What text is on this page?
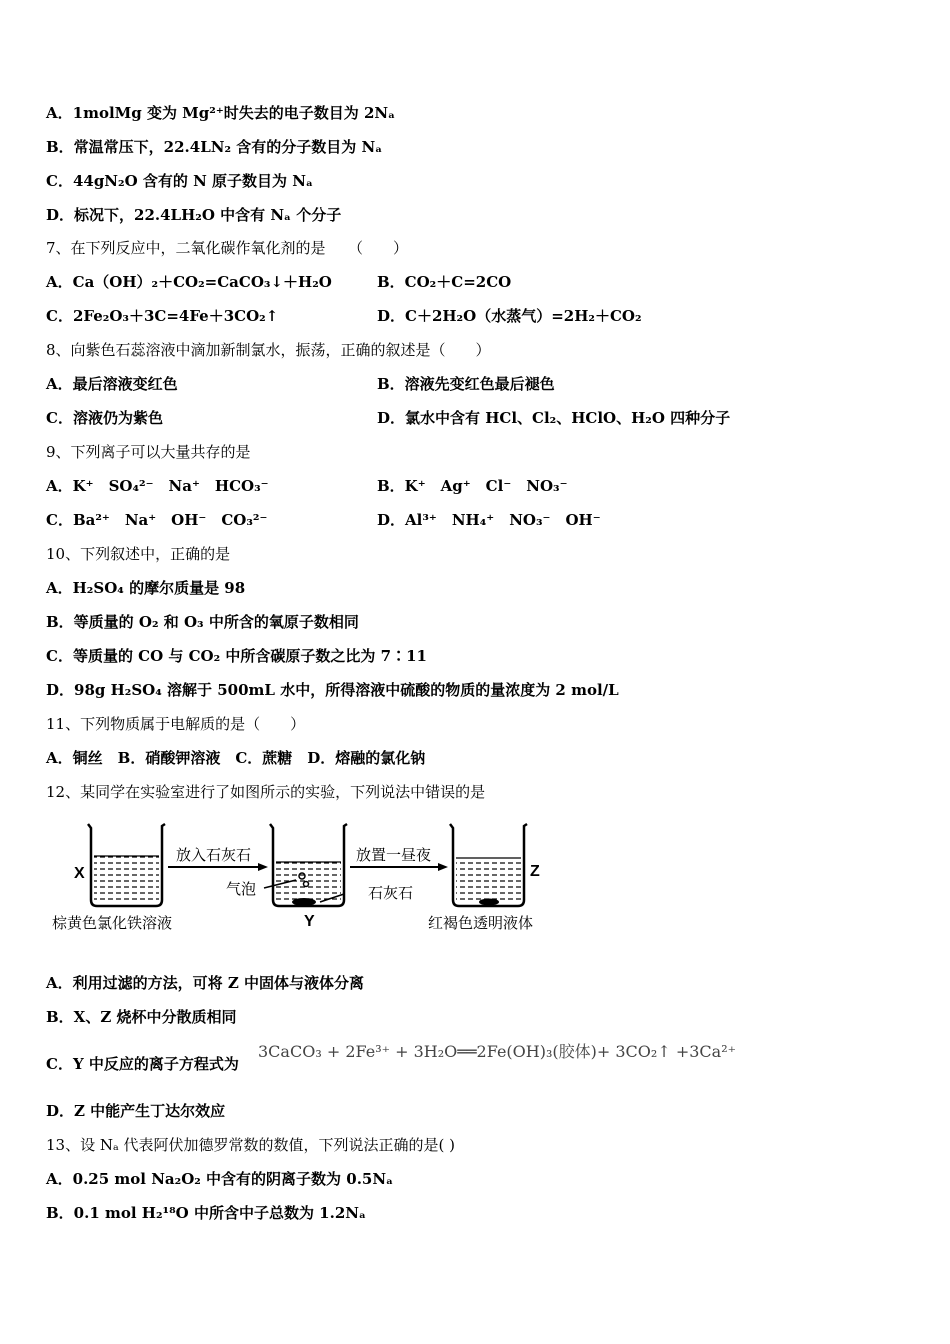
A．1molMg 变为 Mg²⁺时失去的电子数目为 2Nₐ
B．常温常压下，22.4LN₂ 含有的分子数目为 Nₐ
C．44gN₂O 含有的 N 原子数目为 Nₐ
D．标况下，22.4LH₂O 中含有 Nₐ 个分子
7、在下列反应中，二氧化碳作氧化剂的是　　（　　）
A．Ca（OH）₂＋CO₂=CaCO₃↓＋H₂O	B．CO₂＋C=2CO
C．2Fe₂O₃＋3C=4Fe＋3CO₂↑	D．C＋2H₂O（水蒸气）=2H₂＋CO₂
8、向紫色石蕊溶液中滴加新制氯水，振荡，正确的叙述是（　　）
A．最后溶液变红色	B．溶液先变红色最后褪色
C．溶液仍为紫色	D．氯水中含有 HCl、Cl₂、HClO、H₂O 四种分子
9、下列离子可以大量共存的是
A．K⁺　SO₄²⁻　Na⁺　HCO₃⁻	B．K⁺　Ag⁺　Cl⁻　NO₃⁻
C．Ba²⁺　Na⁺　OH⁻　CO₃²⁻	D．Al³⁺　NH₄⁺　NO₃⁻　OH⁻
10、下列叙述中，正确的是
A．H₂SO₄ 的摩尔质量是 98
B．等质量的 O₂ 和 O₃ 中所含的氧原子数相同
C．等质量的 CO 与 CO₂ 中所含碳原子数之比为 7∶11
D．98g H₂SO₄ 溶解于 500mL 水中，所得溶液中硫酸的物质的量浓度为 2 mol/L
11、下列物质属于电解质的是（　　）
A．铜丝　B．硝酸钾溶液　C．蔗糖　D．熔融的氯化钠
12、某同学在实验室进行了如图所示的实验，下列说法中错误的是
X
Y
Z
放入石灰石	放置一昼夜
气泡	石灰石
棕黄色氯化铁溶液	红褐色透明液体
A．利用过滤的方法，可将 Z 中固体与液体分离
B．X、Z 烧杯中分散质相同
C．Y 中反应的离子方程式为
3CaCO₃ + 2Fe³⁺ + 3H₂O══2Fe(OH)₃(胶体)+ 3CO₂↑ +3Ca²⁺
D．Z 中能产生丁达尔效应
13、设 Nₐ 代表阿伏加德罗常数的数值，下列说法正确的是( )
A．0.25 mol Na₂O₂ 中含有的阴离子数为 0.5Nₐ
B．0.1 mol H₂¹⁸O 中所含中子总数为 1.2Nₐ
